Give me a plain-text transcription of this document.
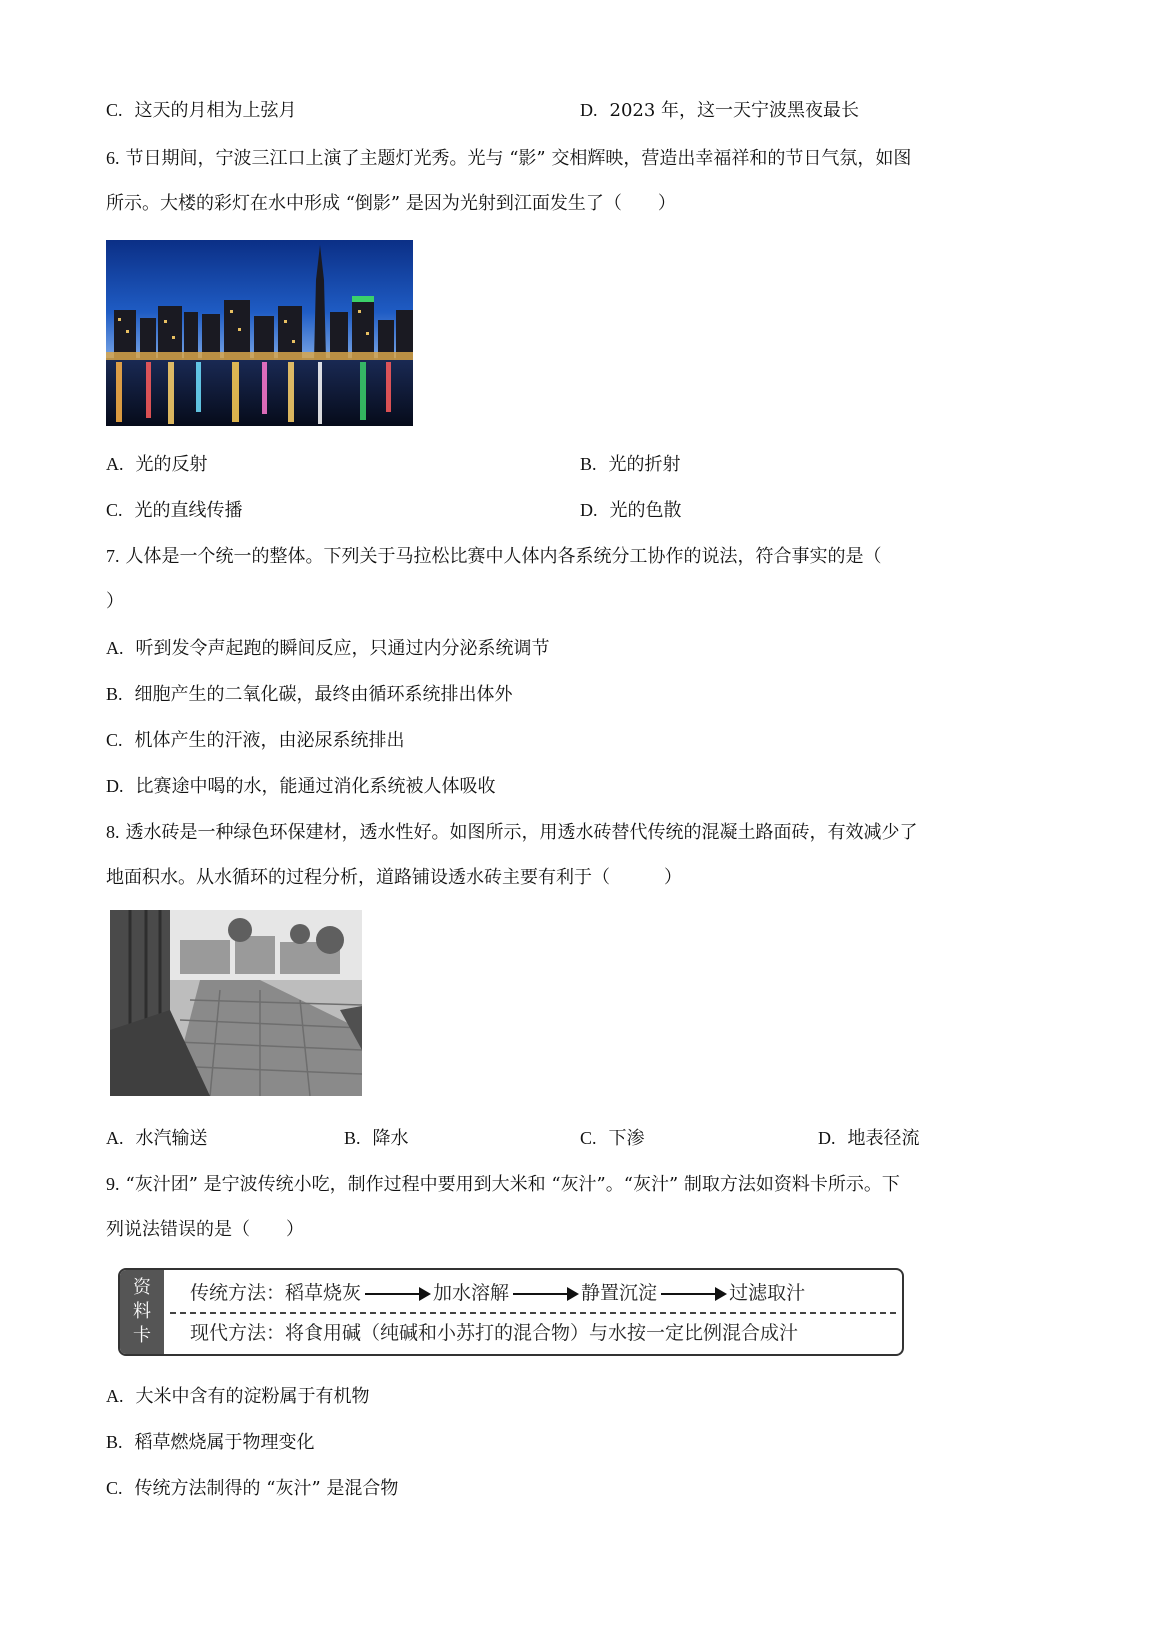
C. 这天的月相为上弦月	D. 2023 年，这一天宁波黑夜最长
6. 节日期间，宁波三江口上演了主题灯光秀。光与 “影” 交相辉映，营造出幸福祥和的节日气氛，如图
所示。大楼的彩灯在水中形成 “倒影” 是因为光射到江面发生了（　　）
A. 光的反射	B. 光的折射
C. 光的直线传播	D. 光的色散
7. 人体是一个统一的整体。下列关于马拉松比赛中人体内各系统分工协作的说法，符合事实的是（
）
A. 听到发令声起跑的瞬间反应，只通过内分泌系统调节
B. 细胞产生的二氧化碳，最终由循环系统排出体外
C. 机体产生的汗液，由泌尿系统排出
D. 比赛途中喝的水，能通过消化系统被人体吸收
8. 透水砖是一种绿色环保建材，透水性好。如图所示，用透水砖替代传统的混凝土路面砖，有效减少了
地面积水。从水循环的过程分析，道路铺设透水砖主要有利于（　　　）
A. 水汽输送	B. 降水	C. 下渗	D. 地表径流
9. “灰汁团” 是宁波传统小吃，制作过程中要用到大米和 “灰汁”。“灰汁” 制取方法如资料卡所示。下
列说法错误的是（　　）
资
料
卡
传统方法：稻草烧灰	加水溶解	静置沉淀	过滤取汁
现代方法：将食用碱（纯碱和小苏打的混合物）与水按一定比例混合成汁
A. 大米中含有的淀粉属于有机物
B. 稻草燃烧属于物理变化
C. 传统方法制得的 “灰汁” 是混合物
